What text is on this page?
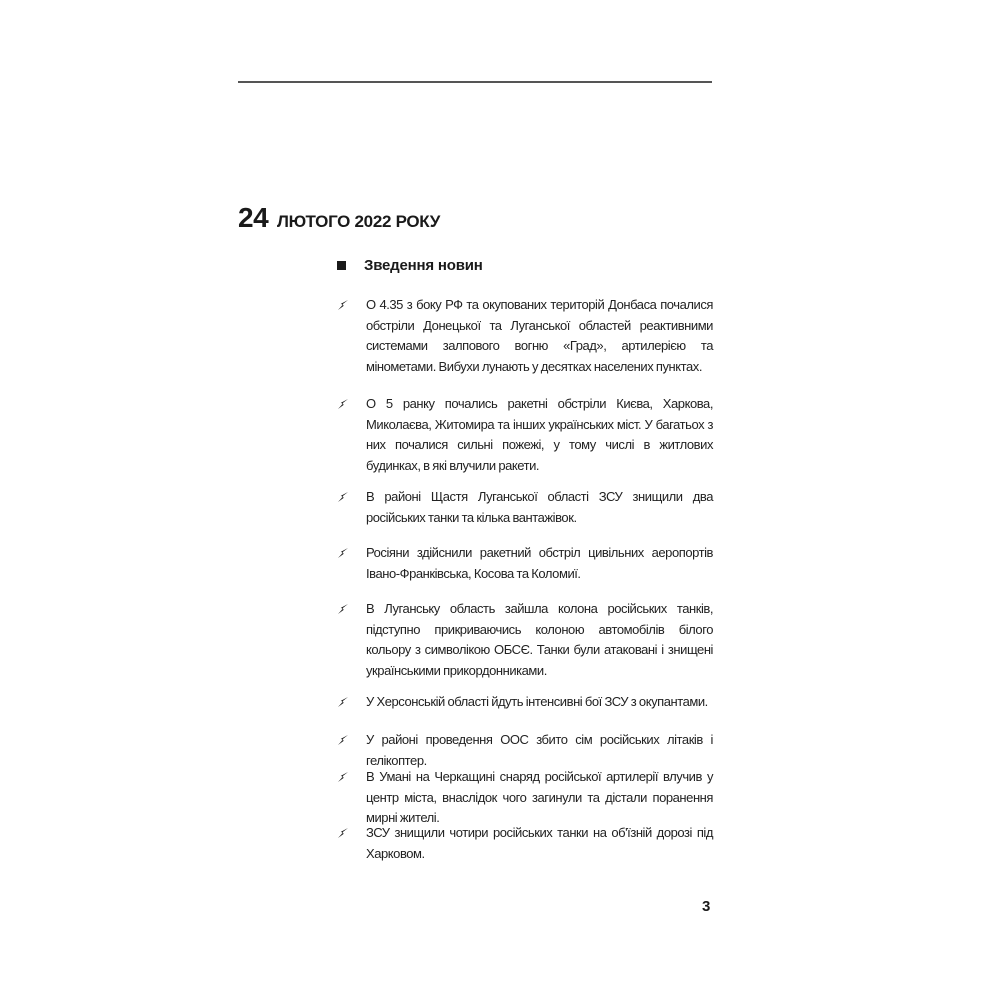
24 ЛЮТОГО 2022 РОКУ
Зведення новин

О 4.35 з боку РФ та окупованих територій Донбаса почалися обстріли Донецької та Луганської областей реактивними системами залпового вогню «Град», артилерією та мінометами. Вибухи лунають у десятках населених пунктах.

О 5 ранку почались ракетні обстріли Києва, Харкова, Миколаєва, Житомира та інших українських міст. У багатьох з них почалися сильні пожежі, у тому числі в житлових будинках, в які влучили ракети.

В районі Щастя Луганської області ЗСУ знищили два російських танки та кілька вантажівок.

Росіяни здійснили ракетний обстріл цивільних аеропортів Івано-Франківська, Косова та Коломиї.

В Луганську область зайшла колона російських танків, підступно прикриваючись колоною автомобілів білого кольору з символікою ОБСЄ. Танки були атаковані і знищені українськими прикордонниками.

У Херсонській області йдуть інтенсивні бої ЗСУ з окупантами.

У районі проведення ООС збито сім російських літаків і гелікоптер.

В Умані на Черкащині снаряд російської артилерії влучив у центр міста, внаслідок чого загинули та дістали поранення мирні жителі.

ЗСУ знищили чотири російських танки на об'їзній дорозі під Харковом.

3
